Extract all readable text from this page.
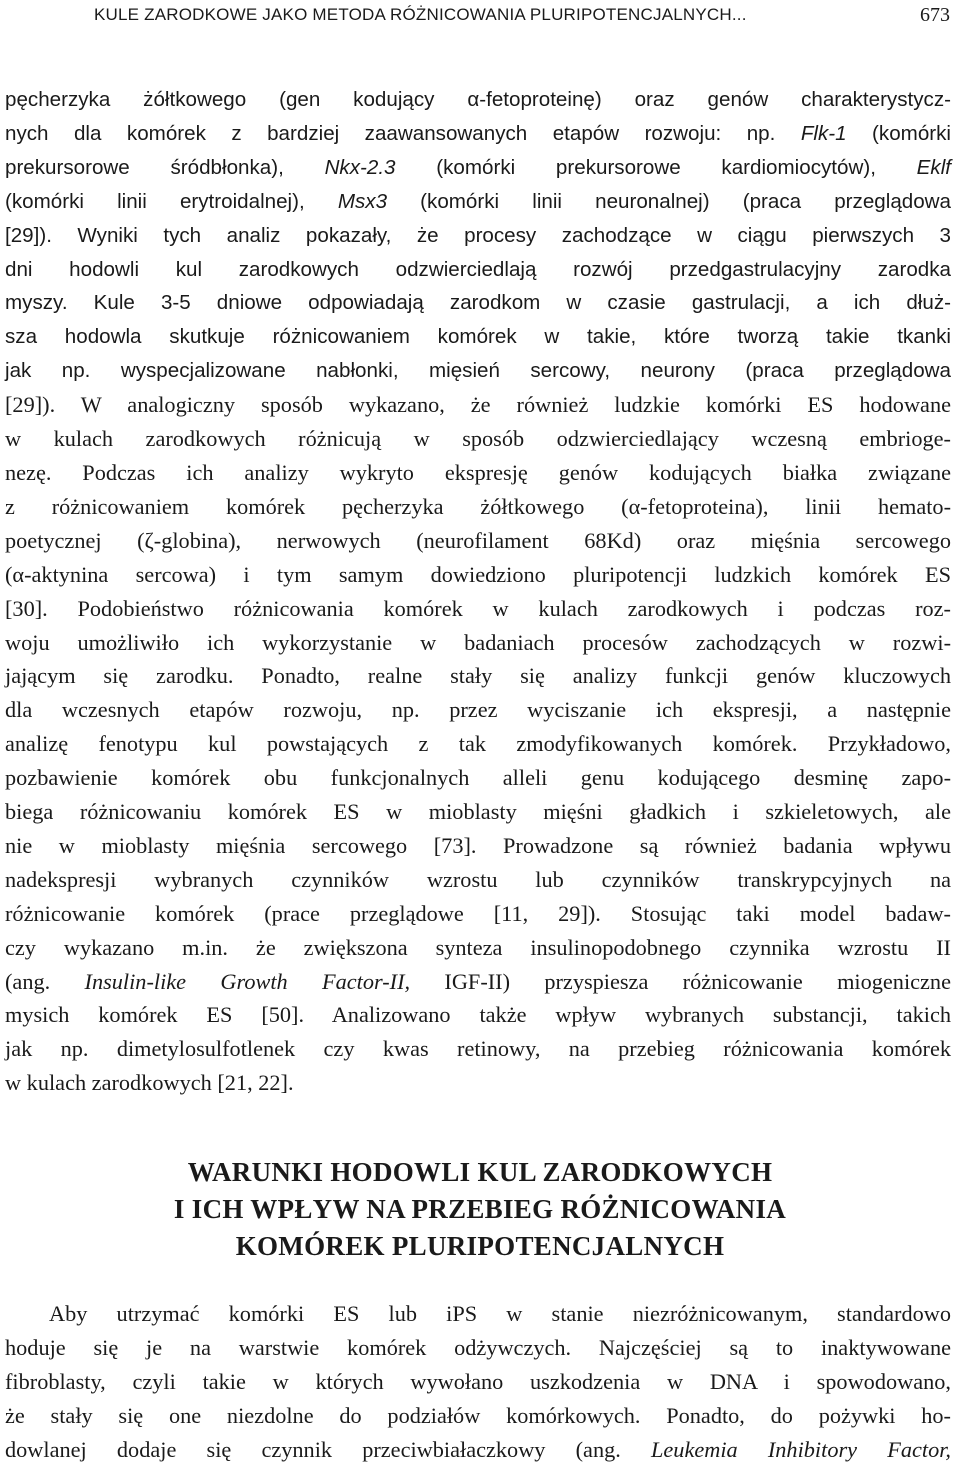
KULE ZARODKOWE JAKO METODA RÓŻNICOWANIA PLURIPOTENCJALNYCH...	673
pęcherzyka żółtkowego (gen kodujący α-fetoproteinę) oraz genów charakterystycz-
nych dla komórek z bardziej zaawansowanych etapów rozwoju: np. Flk-1 (komórki
prekursorowe śródbłonka), Nkx-2.3 (komórki prekursorowe kardiomiocytów), Eklf
(komórki linii erytroidalnej), Msx3 (komórki linii neuronalnej) (praca przeglądowa
[29]). Wyniki tych analiz pokazały, że procesy zachodzące w ciągu pierwszych 3
dni hodowli kul zarodkowych odzwierciedlają rozwój przedgastrulacyjny zarodka
myszy. Kule 3-5 dniowe odpowiadają zarodkom w czasie gastrulacji, a ich dłuż-
sza hodowla skutkuje różnicowaniem komórek w takie, które tworzą takie tkanki
jak np. wyspecjalizowane nabłonki, mięsień sercowy, neurony (praca przeglądowa
[29]). W analogiczny sposób wykazano, że również ludzkie komórki ES hodowane
w kulach zarodkowych różnicują w sposób odzwierciedlający wczesną embrioge-
nezę. Podczas ich analizy wykryto ekspresję genów kodujących białka związane
z różnicowaniem komórek pęcherzyka żółtkowego (α-fetoproteina), linii hemato-
poetycznej (ζ-globina), nerwowych (neurofilament 68Kd) oraz mięśnia sercowego
(α-aktynina sercowa) i tym samym dowiedziono pluripotencji ludzkich komórek ES
[30]. Podobieństwo różnicowania komórek w kulach zarodkowych i podczas roz-
woju umożliwiło ich wykorzystanie w badaniach procesów zachodzących w rozwi-
jającym się zarodku. Ponadto, realne stały się analizy funkcji genów kluczowych
dla wczesnych etapów rozwoju, np. przez wyciszanie ich ekspresji, a następnie
analizę fenotypu kul powstających z tak zmodyfikowanych komórek. Przykładowo,
pozbawienie komórek obu funkcjonalnych alleli genu kodującego desminę zapo-
biega różnicowaniu komórek ES w mioblasty mięśni gładkich i szkieletowych, ale
nie w mioblasty mięśnia sercowego [73]. Prowadzone są również badania wpływu
nadekspresji wybranych czynników wzrostu lub czynników transkrypcyjnych na
różnicowanie komórek (prace przeglądowe [11, 29]). Stosując taki model badaw-
czy wykazano m.in. że zwiększona synteza insulinopodobnego czynnika wzrostu II
(ang. Insulin-like Growth Factor-II, IGF-II) przyspiesza różnicowanie miogeniczne
mysich komórek ES [50]. Analizowano także wpływ wybranych substancji, takich
jak np. dimetylosulfotlenek czy kwas retinowy, na przebieg różnicowania komórek
w kulach zarodkowych [21, 22].
WARUNKI HODOWLI KUL ZARODKOWYCH
I ICH WPŁYW NA PRZEBIEG RÓŻNICOWANIA
KOMÓREK PLURIPOTENCJALNYCH
Aby utrzymać komórki ES lub iPS w stanie niezróżnicowanym, standardowo
hoduje się je na warstwie komórek odżywczych. Najczęściej są to inaktywowane
fibroblasty, czyli takie w których wywołano uszkodzenia w DNA i spowodowano,
że stały się one niezdolne do podziałów komórkowych. Ponadto, do pożywki ho-
dowlanej dodaje się czynnik przeciwbiałaczkowy (ang. Leukemia Inhibitory Factor,
